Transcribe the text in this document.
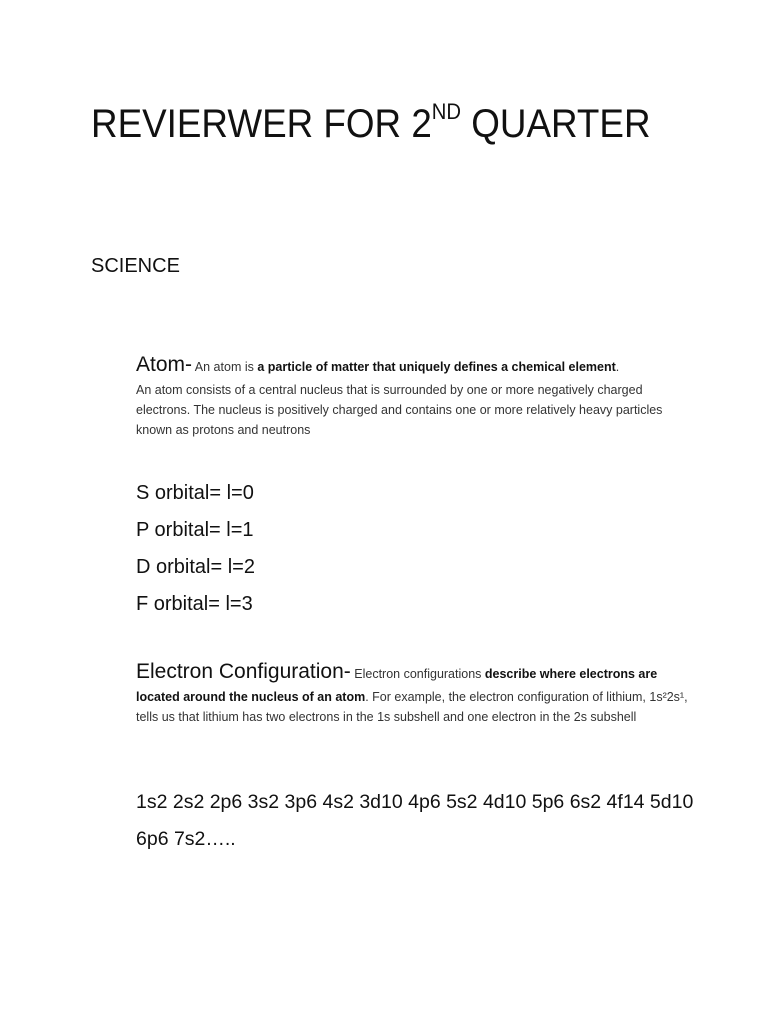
REVIERWER FOR 2ND QUARTER
SCIENCE
Atom- An atom is a particle of matter that uniquely defines a chemical element.
An atom consists of a central nucleus that is surrounded by one or more negatively charged electrons. The nucleus is positively charged and contains one or more relatively heavy particles known as protons and neutrons
S orbital= l=0
P orbital= l=1
D orbital= l=2
F orbital= l=3
Electron Configuration- Electron configurations describe where electrons are located around the nucleus of an atom. For example, the electron configuration of lithium, 1s²2s¹, tells us that lithium has two electrons in the 1s subshell and one electron in the 2s subshell
1s2 2s2 2p6 3s2 3p6 4s2 3d10 4p6 5s2 4d10 5p6 6s2 4f14 5d10 6p6 7s2…..
